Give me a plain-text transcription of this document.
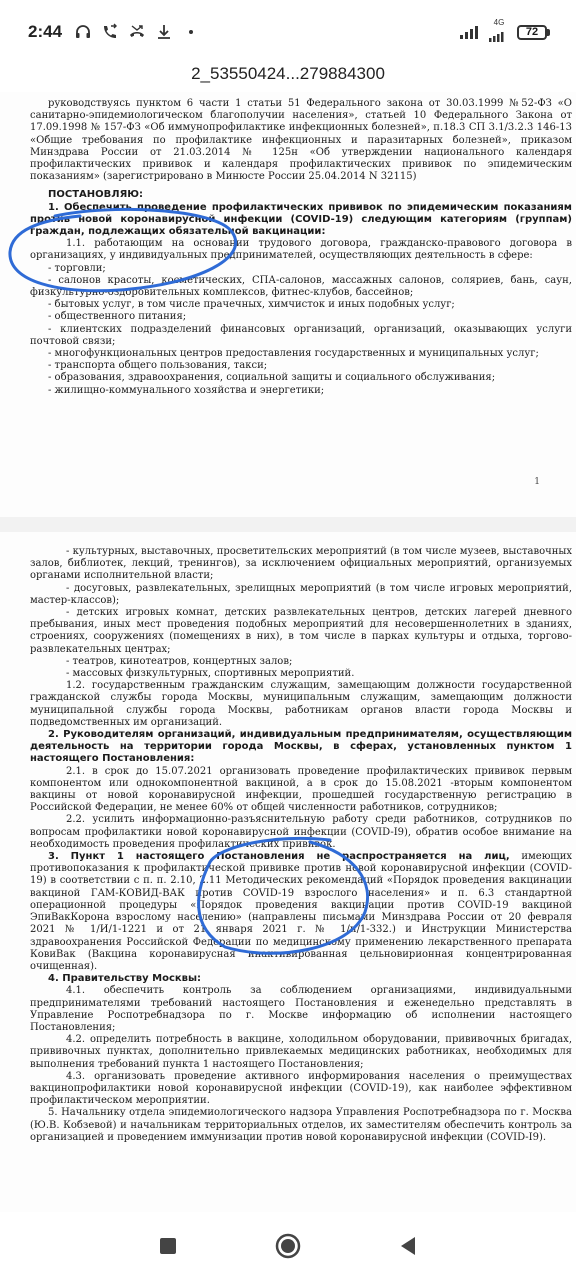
2:44	4G
72
2_53550424...279884300

руководствуясь пунктом 6 части 1 статьи 51 Федерального закона от 30.03.1999 №52-ФЗ «О санитарно-эпидемиологическом благополучии населения», статьей 10 Федерального Закона от 17.09.1998 № 157-ФЗ «Об иммунопрофилактике инфекционных болезней», п.18.3 СП 3.1/3.2.3 146-13 «Общие требования по профилактике инфекционных и паразитарных болезней», приказом Минздрава России от 21.03.2014 № 125н «Об утверждении национального календаря профилактических прививок и календаря профилактических прививок по эпидемическим показаниям» (зарегистрировано в Минюсте России 25.04.2014 N 32115)

ПОСТАНОВЛЯЮ:

1. Обеспечить проведение профилактических прививок по эпидемическим показаниям против новой коронавирусной инфекции (COVID-19) следующим категориям (группам) граждан, подлежащих обязательной вакцинации:

1.1. работающим на основании трудового договора, гражданско-правового договора в организациях, у индивидуальных предпринимателей, осуществляющих деятельность в сфере:

- торговли;

- салонов красоты, косметических, СПА-салонов, массажных салонов, соляриев, бань, саун, физкультурно-оздоровительных комплексов, фитнес-клубов, бассейнов;

- бытовых услуг, в том числе прачечных, химчисток и иных подобных услуг;

- общественного питания;

- клиентских подразделений финансовых организаций, организаций, оказывающих услуги почтовой связи;

- многофункциональных центров предоставления государственных и муниципальных услуг;

- транспорта общего пользования, такси;

- образования, здравоохранения, социальной защиты и социального обслуживания;

- жилищно-коммунального хозяйства и энергетики;

1

- культурных, выставочных, просветительских мероприятий (в том числе музеев, выставочных залов, библиотек, лекций, тренингов), за исключением официальных мероприятий, организуемых органами исполнительной власти;

- досуговых, развлекательных, зрелищных мероприятий (в том числе игровых мероприятий, мастер-классов);

- детских игровых комнат, детских развлекательных центров, детских лагерей дневного пребывания, иных мест проведения подобных мероприятий для несовершеннолетних в зданиях, строениях, сооружениях (помещениях в них), в том числе в парках культуры и отдыха, торгово-развлекательных центрах;

- театров, кинотеатров, концертных залов;

- массовых физкультурных, спортивных мероприятий.

1.2. государственным гражданским служащим, замещающим должности государственной гражданской службы города Москвы, муниципальным служащим, замещающим должности муниципальной службы города Москвы, работникам органов власти города Москвы и подведомственных им организаций.

2. Руководителям организаций, индивидуальным предпринимателям, осуществляющим деятельность на территории города Москвы, в сферах, установленных пунктом 1 настоящего Постановления:

2.1. в срок до 15.07.2021 организовать проведение профилактических прививок первым компонентом или однокомпонентной вакциной, а в срок до 15.08.2021 -вторым компонентом вакцины от новой коронавирусной инфекции, прошедшей государственную регистрацию в Российской Федерации, не менее 60% от общей численности работников, сотрудников;

2.2. усилить информационно-разъяснительную работу среди работников, сотрудников по вопросам профилактики новой коронавирусной инфекции (COVID-I9), обратив особое внимание на необходимость проведения профилактических прививок.

3. Пункт 1 настоящего Постановления не распространяется на лиц, имеющих противопоказания к профилактической прививке против новой коронавирусной инфекции (COVID-19) в соответствии с п. п. 2.10, 2.11 Методических рекомендаций «Порядок проведения вакцинации вакциной ГАМ-КОВИД-ВАК против COVID-19 взрослого населения» и п. 6.3 стандартной операционной процедуры «Порядок проведения вакцинации против COVID-19 вакциной ЭпиВакКорона взрослому населению» (направлены письмами Минздрава России от 20 февраля 2021 № 1/И/1-1221 и от 21 января 2021 г. № 1/и/1-332.) и Инструкции Министерства здравоохранения Российской Федерации по медицинскому применению лекарственного препарата КовиВак (Вакцина коронавирусная инактивированная цельновирионная концентрированная очищенная).

4. Правительству Москвы:

4.1. обеспечить контроль за соблюдением организациями, индивидуальными предпринимателями требований настоящего Постановления и еженедельно представлять в Управление Роспотребнадзора по г. Москве информацию об исполнении настоящего Постановления;

4.2. определить потребность в вакцине, холодильном оборудовании, прививочных бригадах, прививочных пунктах, дополнительно привлекаемых медицинских работниках, необходимых для выполнения требований пункта 1 настоящего Постановления;

4.3. организовать проведение активного информирования населения о преимуществах вакцинопрофилактики новой коронавирусной инфекции (COVID-19), как наиболее эффективном профилактическом мероприятии.

5. Начальнику отдела эпидемиологического надзора Управления Роспотребнадзора по г. Москва (Ю.В. Кобзевой) и начальникам территориальных отделов, их заместителям обеспечить контроль за организацией и проведением иммунизации против новой коронавирусной инфекции (COVID-I9).
